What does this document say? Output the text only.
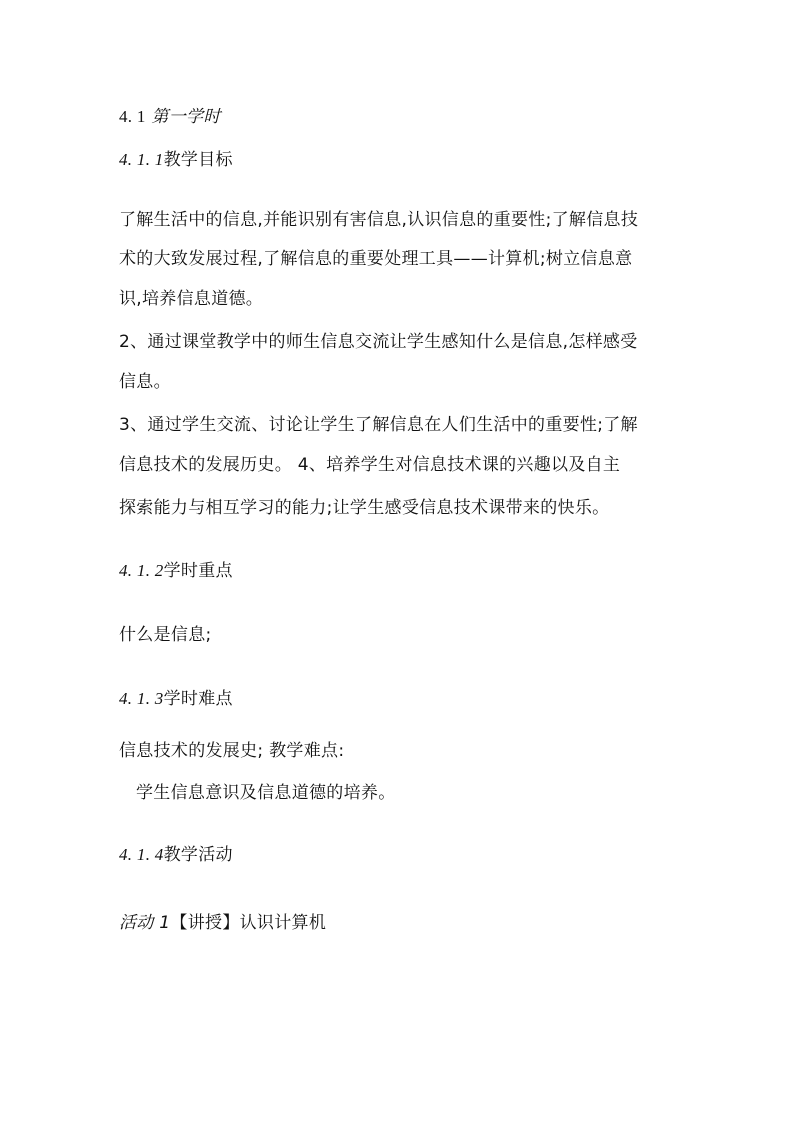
4. 1 第一学时
4. 1. 1教学目标
了解生活中的信息,并能识别有害信息,认识信息的重要性;了解信息技
术的大致发展过程,了解信息的重要处理工具——计算机;树立信息意
识,培养信息道德。
2、通过课堂教学中的师生信息交流让学生感知什么是信息,怎样感受
信息。
3、通过学生交流、讨论让学生了解信息在人们生活中的重要性;了解
信息技术的发展历史。 4、培养学生对信息技术课的兴趣以及自主
探索能力与相互学习的能力;让学生感受信息技术课带来的快乐。
4. 1. 2学时重点
什么是信息;
4. 1. 3学时难点
信息技术的发展史; 教学难点:
学生信息意识及信息道德的培养。
4. 1. 4教学活动
活动 1【讲授】认识计算机
